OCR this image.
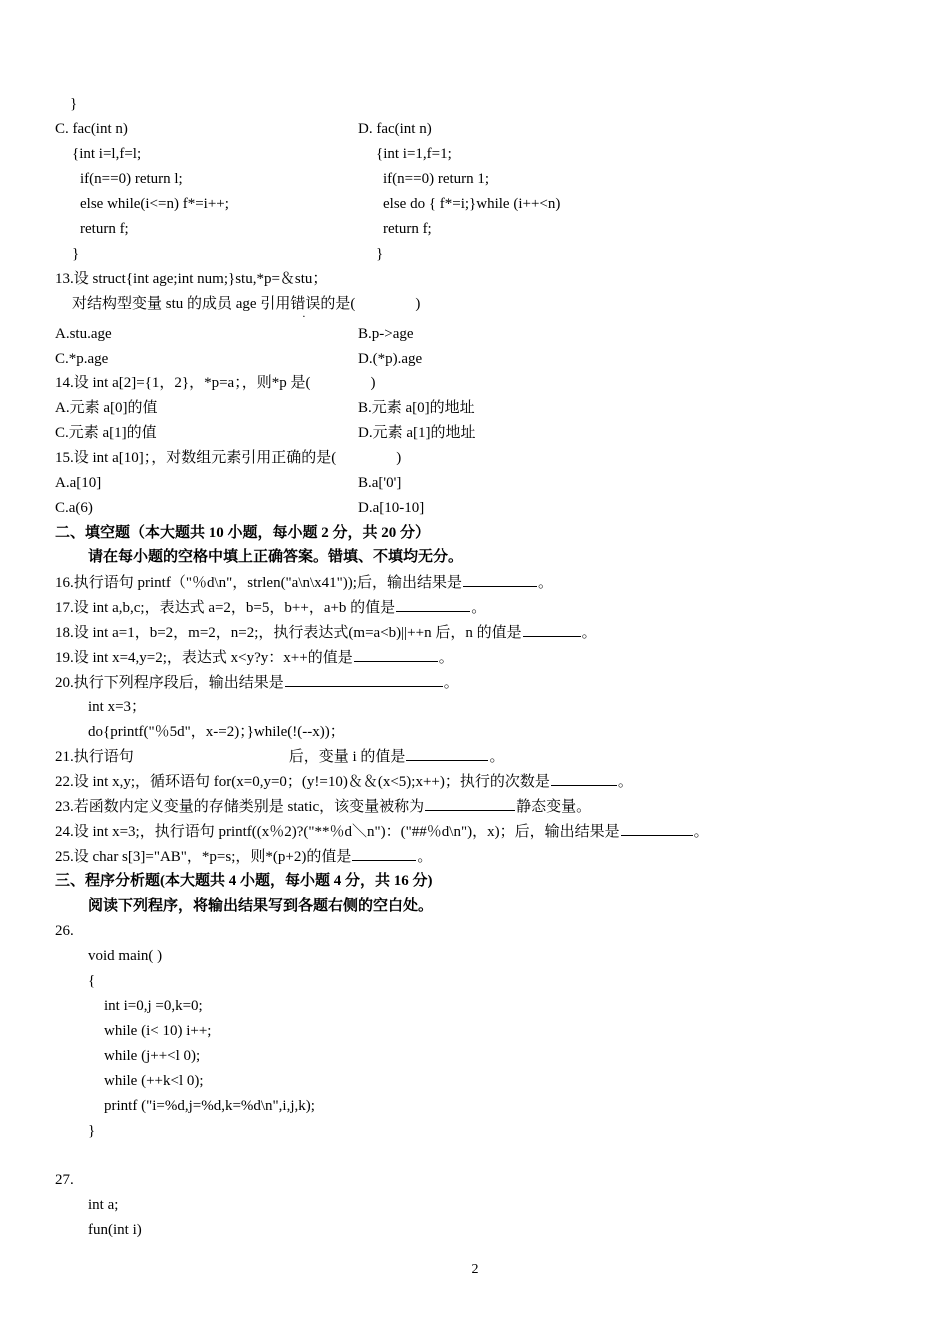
}
C. fac(int n)	D. fac(int n)
{int i=l,f=l;	{int i=1,f=1;
if(n==0) return l;	if(n==0) return 1;
else while(i<=n) f*=i++;	else do { f*=i;}while (i++<n)
return f;	return f;
}	}
13.设 struct{int age;int num;}stu,*p=＆stu；
对结构型变量 stu 的成员 age 引用错误的是(　　　　)
A.stu.age	B.p->age
C.*p.age	D.(*p).age
14.设 int a[2]={1，2}，*p=a；，则*p 是(　　　　)
A.元素 a[0]的值	B.元素 a[0]的地址
C.元素 a[1]的值	D.元素 a[1]的地址
15.设 int a[10]；，对数组元素引用正确的是(　　　　)
A.a[10]	B.a['0']
C.a(6)	D.a[10-10]
二、填空题（本大题共 10 小题，每小题 2 分，共 20 分）
请在每小题的空格中填上正确答案。错填、不填均无分。
16.执行语句 printf（"％d\n"，strlen("a\n\x41"));后，输出结果是	。
17.设 int a,b,c;，表达式 a=2，b=5，b++，a+b 的值是	。
18.设 int a=1，b=2，m=2，n=2;，执行表达式(m=a<b)||++n 后，n 的值是	。
19.设 int x=4,y=2;，表达式 x<y?y：x++的值是	。
20.执行下列程序段后，输出结果是	。
int x=3；
do{printf("％5d"，x-=2)；}while(!(--x))；
21.执行语句	后，变量 i 的值是	。
22.设 int x,y;，循环语句 for(x=0,y=0；(y!=10)＆＆(x<5);x++)；执行的次数是	。
23.若函数内定义变量的存储类别是 static，该变量被称为	静态变量。
24.设 int x=3;，执行语句 printf((x％2)?("**％d＼n")：("##％d\n")，x)；后，输出结果是	。
25.设 char s[3]="AB"，*p=s;，则*(p+2)的值是	。
三、程序分析题(本大题共 4 小题，每小题 4 分，共 16 分)
阅读下列程序，将输出结果写到各题右侧的空白处。
26.
void main( )
{
int i=0,j =0,k=0;
while (i< 10) i++;
while (j++<l 0);
while (++k<l 0);
printf ("i=%d,j=%d,k=%d\n",i,j,k);
}
27.
int a;
fun(int i)
2
